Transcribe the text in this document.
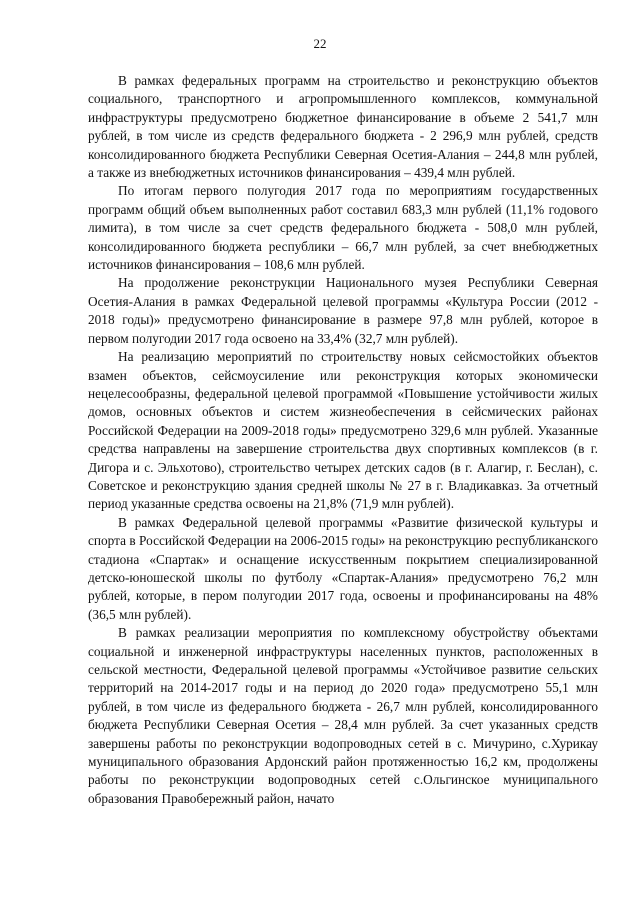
22

В рамках федеральных программ на строительство и реконструкцию объектов социального, транспортного и агропромышленного комплексов, коммунальной инфраструктуры предусмотрено бюджетное финансирование в объеме 2 541,7 млн рублей, в том числе из средств федерального бюджета - 2 296,9 млн рублей, средств консолидированного бюджета Республики Северная Осетия-Алания – 244,8 млн рублей, а также из внебюджетных источников финансирования – 439,4 млн рублей.

По итогам первого полугодия 2017 года по мероприятиям государственных программ общий объем выполненных работ составил 683,3 млн рублей (11,1% годового лимита), в том числе за счет средств федерального бюджета - 508,0 млн рублей, консолидированного бюджета республики – 66,7 млн рублей, за счет внебюджетных источников финансирования – 108,6 млн рублей.

На продолжение реконструкции Национального музея Республики Северная Осетия-Алания в рамках Федеральной целевой программы «Культура России (2012 - 2018 годы)» предусмотрено финансирование в размере 97,8 млн рублей, которое в первом полугодии 2017 года освоено на 33,4% (32,7 млн рублей).

На реализацию мероприятий по строительству новых сейсмостойких объектов взамен объектов, сейсмоусиление или реконструкция которых экономически нецелесообразны, федеральной целевой программой «Повышение устойчивости жилых домов, основных объектов и систем жизнеобеспечения в сейсмических районах Российской Федерации на 2009-2018 годы» предусмотрено 329,6 млн рублей. Указанные средства направлены на завершение строительства двух спортивных комплексов (в г. Дигора и с. Эльхотово), строительство четырех детских садов (в г. Алагир, г. Беслан), с. Советское и реконструкцию здания средней школы № 27 в г. Владикавказ. За отчетный период указанные средства освоены на 21,8% (71,9 млн рублей).

В рамках Федеральной целевой программы «Развитие физической культуры и спорта в Российской Федерации на 2006-2015 годы» на реконструкцию республиканского стадиона «Спартак» и оснащение искусственным покрытием специализированной детско-юношеской школы по футболу «Спартак-Алания» предусмотрено 76,2 млн рублей, которые, в пером полугодии 2017 года, освоены и профинансированы на 48% (36,5 млн рублей).

В рамках реализации мероприятия по комплексному обустройству объектами социальной и инженерной инфраструктуры населенных пунктов, расположенных в сельской местности, Федеральной целевой программы «Устойчивое развитие сельских территорий на 2014-2017 годы и на период до 2020 года» предусмотрено 55,1 млн рублей, в том числе из федерального бюджета - 26,7 млн рублей, консолидированного бюджета Республики Северная Осетия – 28,4 млн рублей. За счет указанных средств завершены работы по реконструкции водопроводных сетей в с. Мичурино, с.Хурикау муниципального образования Ардонский район протяженностью 16,2 км, продолжены работы по реконструкции водопроводных сетей с.Ольгинское муниципального образования Правобережный район, начато
